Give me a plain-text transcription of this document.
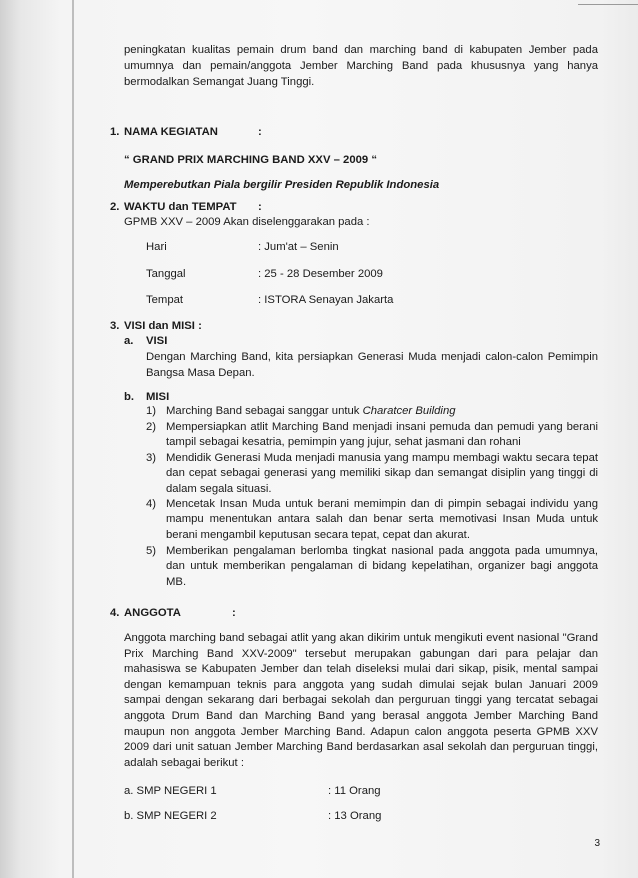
peningkatan kualitas pemain drum band dan marching band di kabupaten Jember pada umumnya dan pemain/anggota Jember Marching Band pada khususnya yang hanya bermodalkan Semangat Juang Tinggi.
1. NAMA KEGIATAN	:
“ GRAND PRIX MARCHING BAND XXV – 2009 “
Memperebutkan Piala bergilir Presiden Republik Indonesia
2. WAKTU dan TEMPAT :
GPMB XXV – 2009 Akan diselenggarakan pada :
Hari	: Jum'at – Senin
Tanggal	: 25 - 28 Desember 2009
Tempat	: ISTORA Senayan Jakarta
3. VISI dan MISI :
a. VISI
Dengan Marching Band, kita persiapkan Generasi Muda menjadi calon-calon Pemimpin Bangsa Masa Depan.
b. MISI
1) Marching Band sebagai sanggar untuk Charatcer Building
2) Mempersiapkan atlit Marching Band menjadi insani pemuda dan pemudi yang berani tampil sebagai kesatria, pemimpin yang jujur, sehat jasmani dan rohani
3) Mendidik Generasi Muda menjadi manusia yang mampu membagi waktu secara tepat dan cepat sebagai generasi yang memiliki sikap dan semangat disiplin yang tinggi di dalam segala situasi.
4) Mencetak Insan Muda untuk berani memimpin dan di pimpin sebagai individu yang mampu menentukan antara salah dan benar serta memotivasi Insan Muda untuk berani mengambil keputusan secara tepat, cepat dan akurat.
5) Memberikan pengalaman berlomba tingkat nasional pada anggota pada umumnya, dan untuk memberikan pengalaman di bidang kepelatihan, organizer bagi anggota MB.
4. ANGGOTA	:
Anggota marching band sebagai atlit yang akan dikirim untuk mengikuti event nasional "Grand Prix Marching Band XXV-2009" tersebut merupakan gabungan dari para pelajar dan mahasiswa se Kabupaten Jember dan telah diseleksi mulai dari sikap, pisik, mental sampai dengan kemampuan teknis para anggota yang sudah dimulai sejak bulan Januari 2009 sampai dengan sekarang dari berbagai sekolah dan perguruan tinggi yang tercatat sebagai anggota Drum Band dan Marching Band yang berasal anggota Jember Marching Band maupun non anggota Jember Marching Band. Adapun calon anggota peserta GPMB XXV 2009 dari unit satuan Jember Marching Band berdasarkan asal sekolah dan perguruan tinggi, adalah sebagai berikut :
a. SMP NEGERI 1	: 11 Orang
b. SMP NEGERI 2	: 13 Orang
3
